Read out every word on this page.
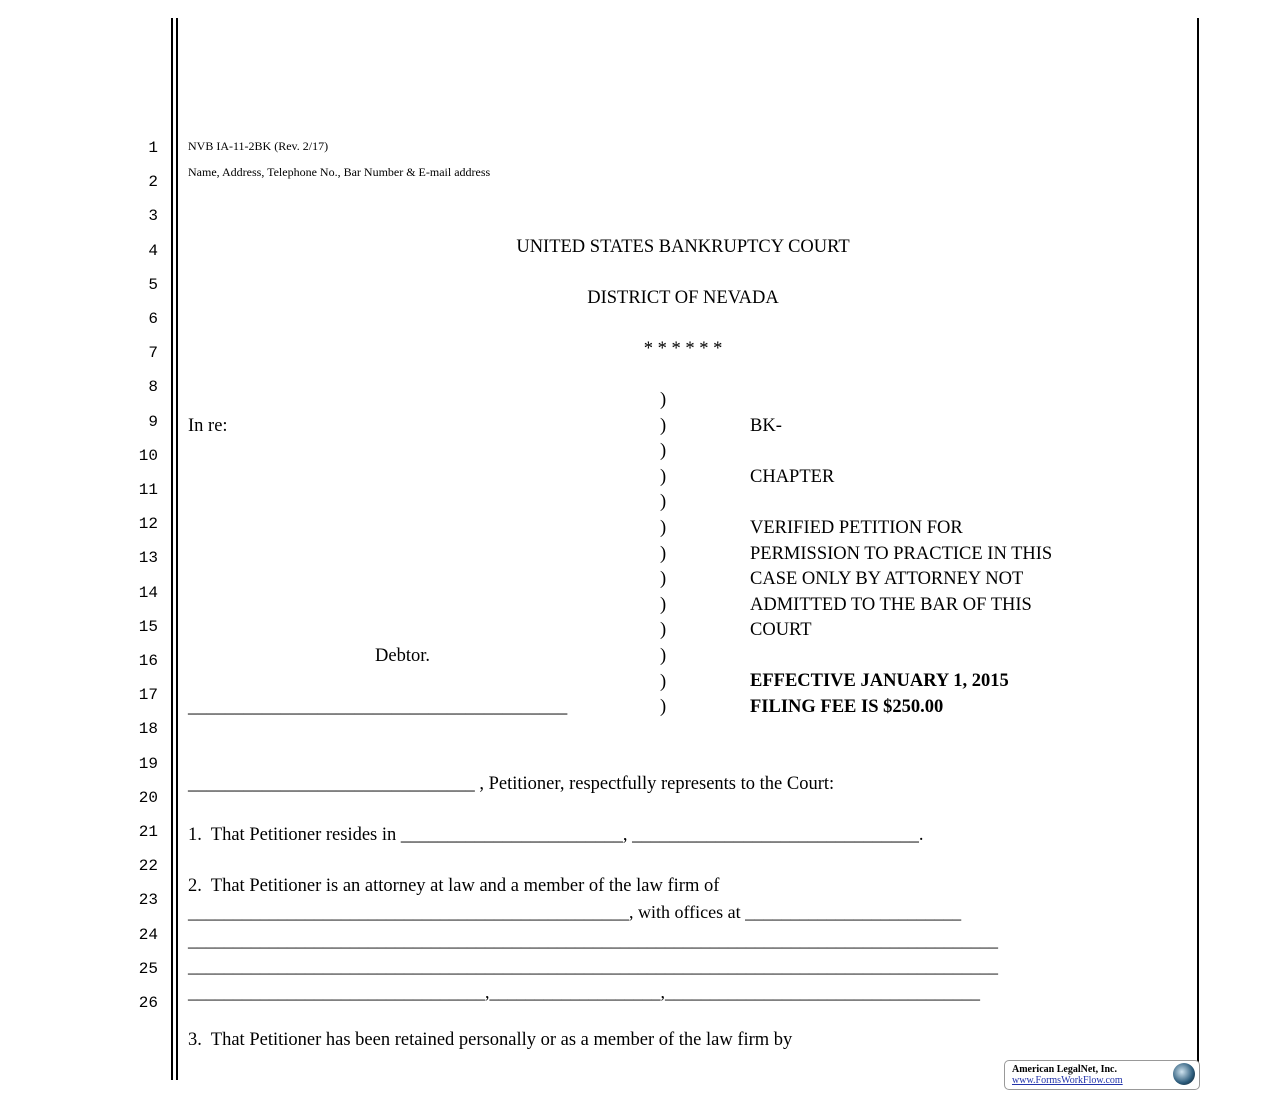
1
2
3
4
5
6
7
8
9
10
11
12
13
14
15
16
17
18
19
20
21
22
23
24
25
26
NVB IA-11-2BK (Rev. 2/17)
Name, Address, Telephone No., Bar Number & E-mail address
UNITED STATES BANKRUPTCY COURT
DISTRICT OF NEVADA
* * * * * *
In re:
Debtor.
_________________________________________
)
)
)
)
)
)
)
)
)
)
)
)
)
BK-
CHAPTER
VERIFIED PETITION FOR
PERMISSION TO PRACTICE IN THIS
CASE ONLY BY ATTORNEY NOT
ADMITTED TO THE BAR OF THIS
COURT
EFFECTIVE JANUARY 1, 2015
FILING FEE IS $250.00
_______________________________ , Petitioner, respectfully represents to the Court:
1.  That Petitioner resides in ________________________, _______________________________.
2.  That Petitioner is an attorney at law and a member of the law firm of
_________________________________________________, with offices at ________________________
__________________________________________________________________________________________
__________________________________________________________________________________________
_________________________________,___________________,___________________________________
3.  That Petitioner has been retained personally or as a member of the law firm by
American LegalNet, Inc.
www.FormsWorkFlow.com
